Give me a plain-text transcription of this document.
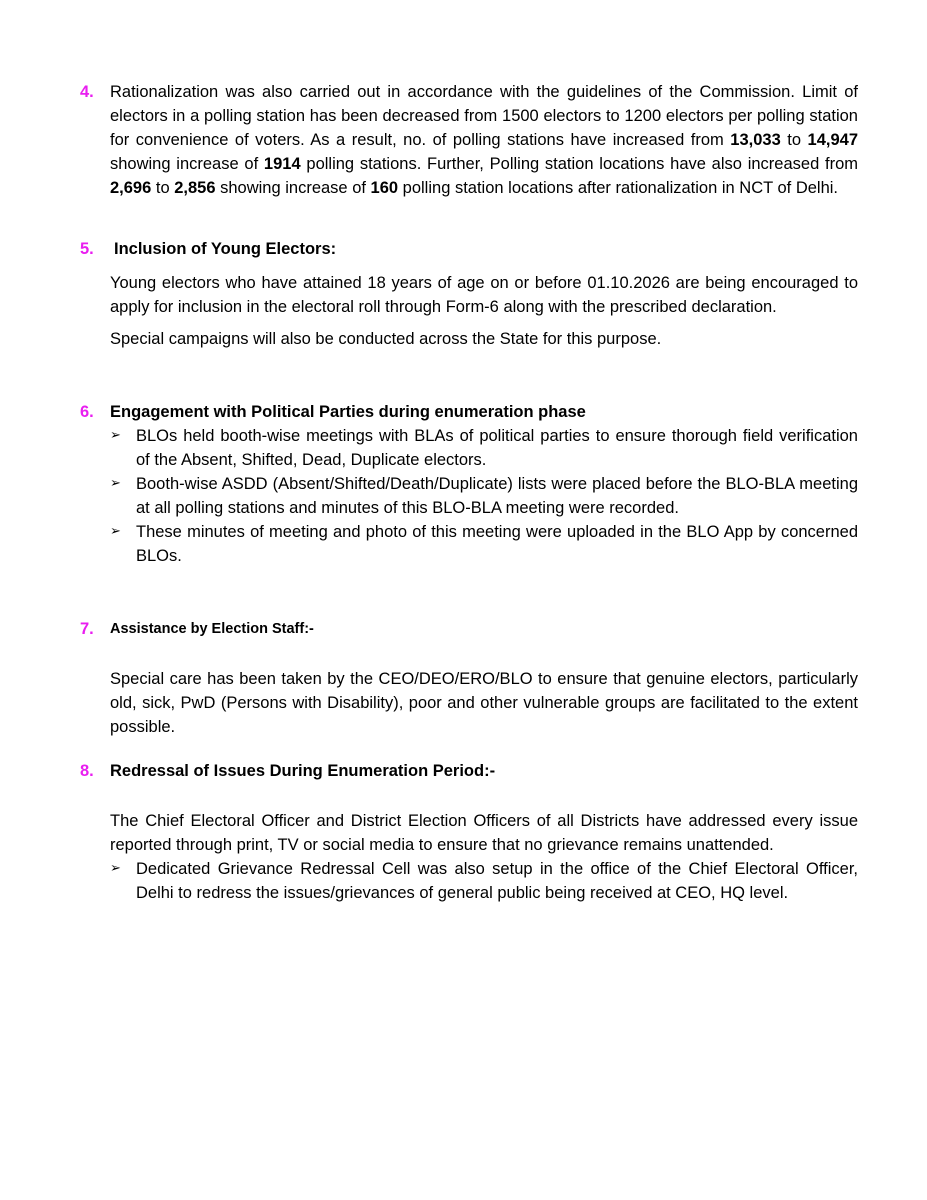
4. Rationalization was also carried out in accordance with the guidelines of the Commission. Limit of electors in a polling station has been decreased from 1500 electors to 1200 electors per polling station for convenience of voters. As a result, no. of polling stations have increased from 13,033 to 14,947 showing increase of 1914 polling stations. Further, Polling station locations have also increased from 2,696 to 2,856 showing increase of 160 polling station locations after rationalization in NCT of Delhi.

5.	Inclusion of Young Electors:

Young electors who have attained 18 years of age on or before 01.10.2026 are being encouraged to apply for inclusion in the electoral roll through Form-6 along with the prescribed declaration.

Special campaigns will also be conducted across the State for this purpose.

6. Engagement with Political Parties during enumeration phase

➢ BLOs held booth-wise meetings with BLAs of political parties to ensure thorough field verification of the Absent, Shifted, Dead, Duplicate electors.
➢ Booth-wise ASDD (Absent/Shifted/Death/Duplicate) lists were placed before the BLO-BLA meeting at all polling stations and minutes of this BLO-BLA meeting were recorded.
➢ These minutes of meeting and photo of this meeting were uploaded in the BLO App by concerned BLOs.
7.	Assistance by Election Staff:-

Special care has been taken by the CEO/DEO/ERO/BLO to ensure that genuine electors, particularly old, sick, PwD (Persons with Disability), poor and other vulnerable groups are facilitated to the extent possible.

8. Redressal of Issues During Enumeration Period:-

The Chief Electoral Officer and District Election Officers of all Districts have addressed every issue reported through print, TV or social media to ensure that no grievance remains unattended.

➢ Dedicated Grievance Redressal Cell was also setup in the office of the Chief Electoral Officer, Delhi to redress the issues/grievances of general public being received at CEO, HQ level.
